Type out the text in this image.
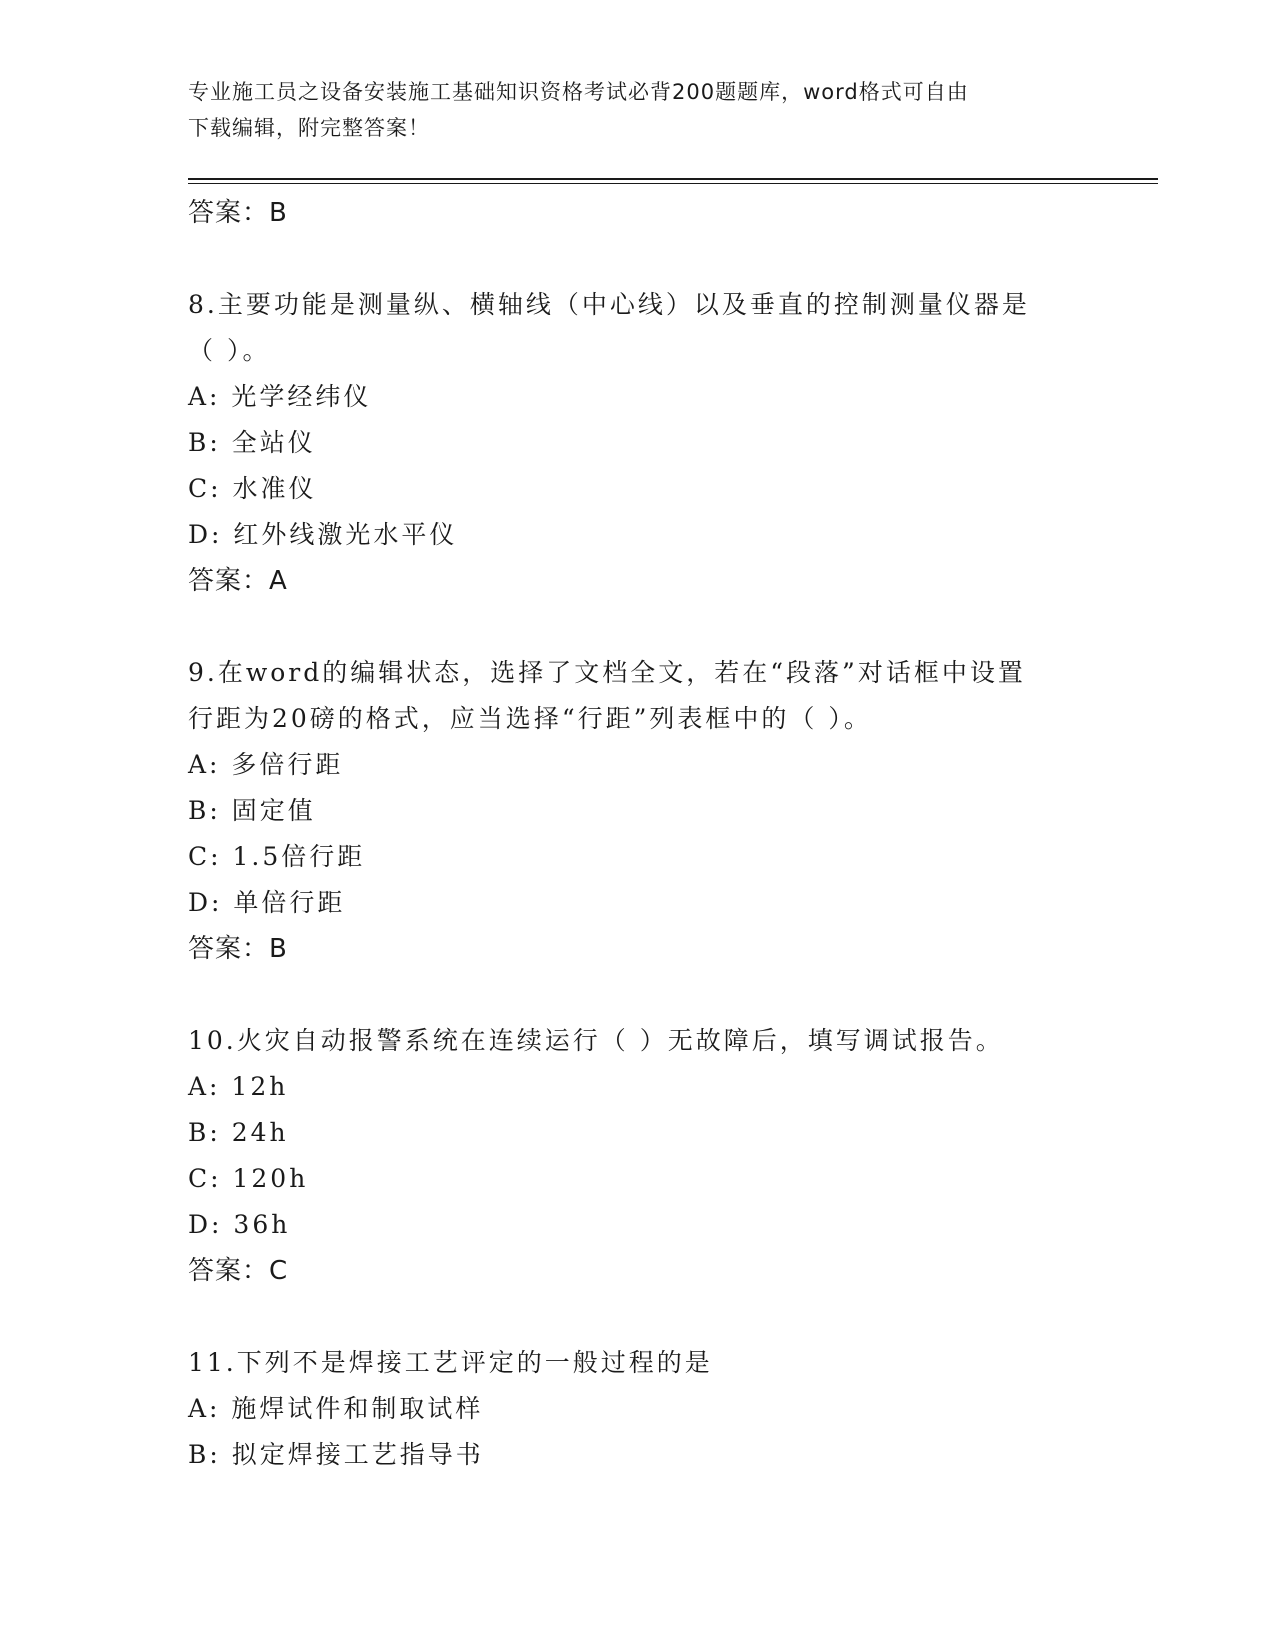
专业施工员之设备安装施工基础知识资格考试必背200题题库，word格式可自由
下载编辑，附完整答案！
答案：B
8.主要功能是测量纵、横轴线（中心线）以及垂直的控制测量仪器是
（ ）。
A: 光学经纬仪
B: 全站仪
C: 水准仪
D: 红外线激光水平仪
答案：A
9.在word的编辑状态，选择了文档全文，若在“段落”对话框中设置
行距为20磅的格式，应当选择“行距”列表框中的（ ）。
A: 多倍行距
B: 固定值
C: 1.5倍行距
D: 单倍行距
答案：B
10.火灾自动报警系统在连续运行（ ）无故障后，填写调试报告。
A: 12h
B: 24h
C: 120h
D: 36h
答案：C
11.下列不是焊接工艺评定的一般过程的是
A: 施焊试件和制取试样
B: 拟定焊接工艺指导书
